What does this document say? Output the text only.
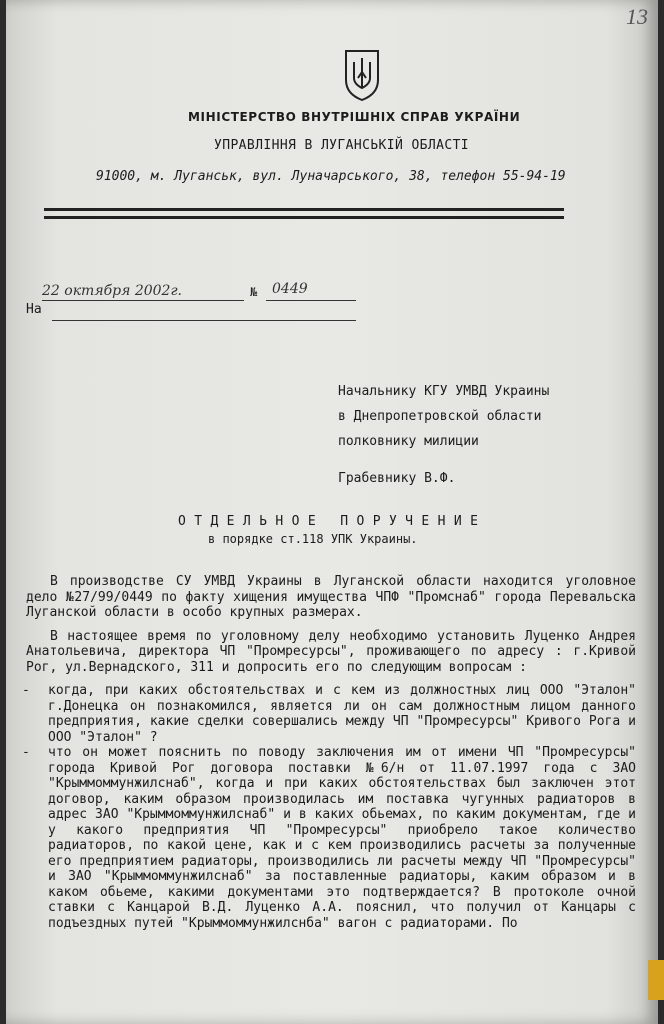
13
МІНІСТЕРСТВО ВНУТРІШНІХ СПРАВ УКРАЇНИ
УПРАВЛІННЯ В ЛУГАНСЬКІЙ ОБЛАСТІ
91000, м. Луганськ, вул. Луначарського, 38, телефон 55-94-19
22 октября 2002г.	№ 0449
На
Начальнику КГУ УМВД Украины
в Днепропетровской области
полковнику милиции
Грабевнику В.Ф.
ОТДЕЛЬНОЕ ПОРУЧЕНИЕ
в порядке ст.118 УПК Украины.

В производстве СУ УМВД Украины в Луганской области находится уголовное дело №27/99/0449 по факту хищения имущества ЧПФ "Промснаб" города Перевальска Луганской области в особо крупных размерах.

В настоящее время по уголовному делу необходимо установить Луценко Андрея Анатольевича, директора ЧП "Промресурсы", проживающего по адресу : г.Кривой Рог, ул.Вернадского, 311 и допросить его по следующим вопросам :

- когда, при каких обстоятельствах и с кем из должностных лиц ООО "Эталон" г.Донецка он познакомился, является ли он сам должностным лицом данного предприятия, какие сделки совершались между ЧП "Промресурсы" Кривого Рога и ООО "Эталон" ?
- что он может пояснить по поводу заключения им от имени ЧП "Промресурсы" города Кривой Рог договора поставки №6/н от 11.07.1997 года с ЗАО "Крыммоммунжилснаб", когда и при каких обстоятельствах был заключен этот договор, каким образом производилась им поставка чугунных радиаторов в адрес ЗАО "Крыммоммунжилснаб" и в каких обьемах, по каким документам, где и у какого предприятия ЧП "Промресурсы" приобрело такое количество радиаторов, по какой цене, как и с кем производились расчеты за полученные его предприятием радиаторы, производились ли расчеты между ЧП "Промресурсы" и ЗАО "Крыммоммунжилснаб" за поставленные радиаторы, каким образом и в каком обьеме, какими документами это подтверждается? В протоколе очной ставки с Канцарой В.Д. Луценко А.А. пояснил, что получил от Канцары с подъездных путей "Крыммоммунжилснба" вагон с радиаторами. По
